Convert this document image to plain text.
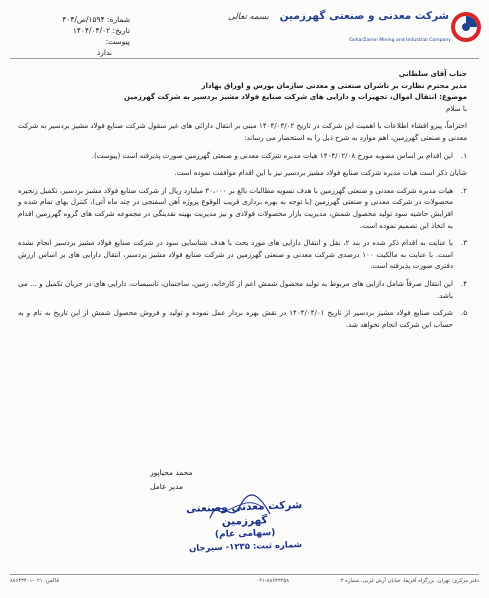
شماره: ۱۵۹۴/ص/۴۰۴
تاریخ: ۱۴۰۴/۰۴/۰۲
پیوست:
ندارد
بسمه تعالی شرکت معدنی و صنعتی گهرزمین
GoharZamin Mining and Industrial Company

جناب آقای سلطانی

مدیر محترم نظارت بر ناشران صنعتی و معدنی سازمان بورس و اوراق بهادار

موضوع: انتقال اموال، تجهیزات و دارایی های شرکت صنایع فولاد مشیز بردسیر به شرکت گهرزمین

با سلام

احتراماً، پیرو افشاء اطلاعات با اهمیت این شرکت در تاریخ ۱۴۰۴/۰۴/۰۲ مبنی بر انتقال دارائی های غیر منقول شرکت صنایع فولاد مشیز بردسیر به شرکت معدنی و صنعتی گهرزمین، اهم موارد به شرح ذیل را به استحضار می رساند:

۱.

این اقدام بر اساس مصوبه مورخ ۱۴۰۴/۰۲/۰۸ هیات مدیره شرکت معدنی و صنعتی گهرزمین صورت پذیرفته است (پیوست).

شایان ذکر است هیات مدیره شرکت صنایع فولاد مشیز بردسیر نیز با این اقدام موافقت نموده است.

۲.

هیات مدیره شرکت معدنی و صنعتی گهرزمین با هدف تسویه مطالبات بالغ بر ۳۰،۰۰۰ میلیارد ریال از شرکت صنایع فولاد مشیز بردسیر، تکمیل زنجیره محصولات در شرکت معدنی و صنعتی گهرزمین (با توجه به بهره برداری قریب الوقوع پروژه آهن اسفنجی در چند ماه آتی)، کنترل بهای تمام شده و افزایش حاشیه سود تولید محصول شمش، مدیریت بازار محصولات فولادی و نیز مدیریت بهینه نقدینگی در مجموعه شرکت های گروه گهرزمین اقدام به اتخاذ این تصمیم نموده است.

۳.

با عنایت به اقدام ذکر شده در بند ۲، نقل و انتقال دارایی های مورد بحث با هدف شناسایی سود در شرکت صنایع فولاد مشیز بردسیر انجام نشده است. با عنایت به مالکیت ۱۰۰ درصدی شرکت معدنی و صنعتی گهرزمین در شرکت صنایع فولاد مشیز بردسیر، انتقال دارایی های بر اساس ارزش دفتری صورت پذیرفته است.

۴.

این انتقال صرفاً شامل دارایی های مربوط به تولید محصول شمش اعم از کارخانه، زمین، ساختمان، تاسیسات، دارایی های در جریان تکمیل و ... می باشد.

۵.

شرکت صنایع فولاد مشیز بردسیر از تاریخ ۱۴۰۴/۰۴/۰۱ در نقش بهره بردار عمل نموده و تولید و فروش محصول شمش از این تاریخ به نام و به حساب این شرکت انجام نخواهد شد.

محمد محیاپور
مدیر عامل
شرکت معدنی وصنعتی گهرزمین
(سهامی عام)
شماره ثبت: ۱۲۳۵- سیرجان
دفتر مرکزی: تهران، بزرگراه آفریقا، خیابان آرش غربی، شماره ۳
۰۲۱-۸۸۶۴۳۲۵۸
فاکس: ۰۲۱-۸۸۶۴۳۴۰۱
